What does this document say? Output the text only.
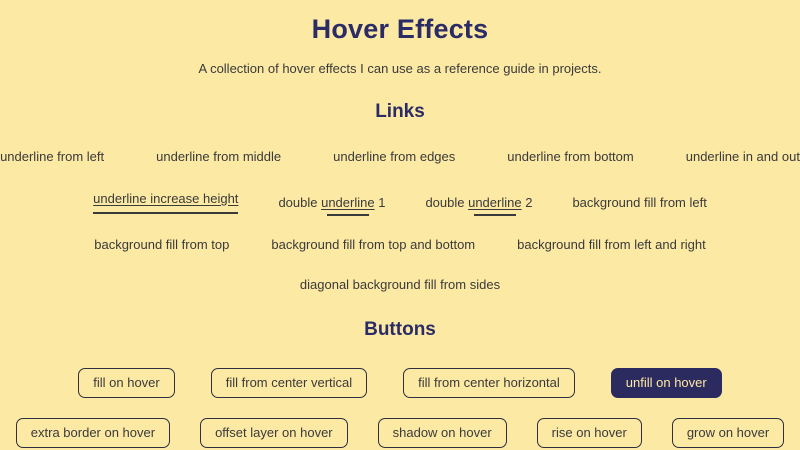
Hover Effects

A collection of hover effects I can use as a reference guide in projects.

Links
underline from left	underline from middle	underline from edges	underline from bottom	underline in and out
underline increase height	double underline 1	double underline 2	background fill from left
background fill from top	background fill from top and bottom	background fill from left and right
diagonal background fill from sides
Buttons
fill on hover	fill from center vertical	fill from center horizontal	unfill on hover
extra border on hover	offset layer on hover	shadow on hover	rise on hover	grow on hover
